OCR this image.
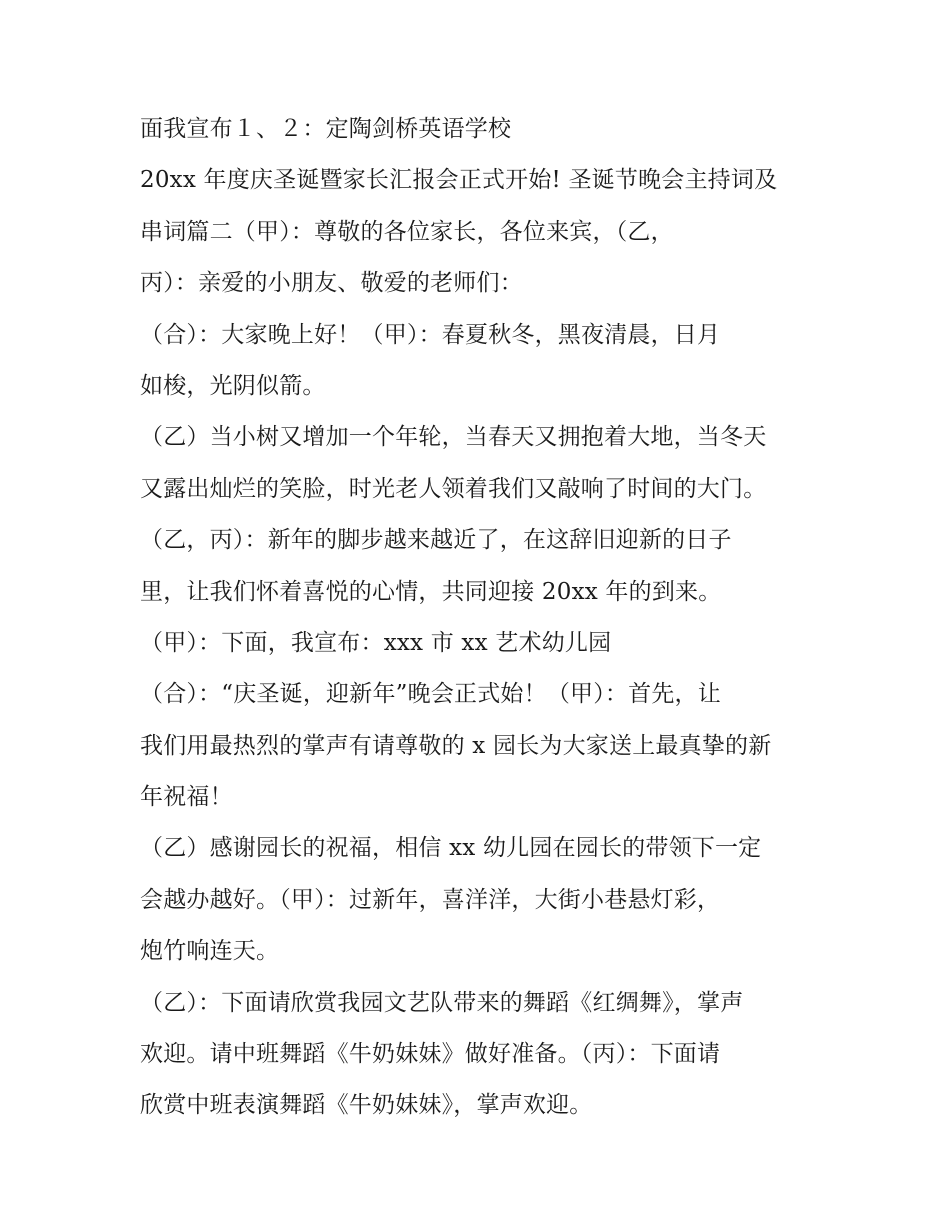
面我宣布１、２：定陶剑桥英语学校
20xx 年度庆圣诞暨家长汇报会正式开始! 圣诞节晚会主持词及
串词篇二（甲）：尊敬的各位家长，各位来宾，（乙，
丙）：亲爱的小朋友、敬爱的老师们：
（合）：大家晚上好！（甲）：春夏秋冬，黑夜清晨，日月
如梭，光阴似箭。
（乙）当小树又增加一个年轮，当春天又拥抱着大地，当冬天
又露出灿烂的笑脸，时光老人领着我们又敲响了时间的大门。
（乙，丙）：新年的脚步越来越近了，在这辞旧迎新的日子
里，让我们怀着喜悦的心情，共同迎接 20xx 年的到来。
（甲）：下面，我宣布：xxx 市 xx 艺术幼儿园
（合）：“庆圣诞，迎新年”晚会正式始！（甲）：首先，让
我们用最热烈的掌声有请尊敬的 x 园长为大家送上最真挚的新
年祝福！
（乙）感谢园长的祝福，相信 xx 幼儿园在园长的带领下一定
会越办越好。（甲）：过新年，喜洋洋，大街小巷悬灯彩，
炮竹响连天。
（乙）：下面请欣赏我园文艺队带来的舞蹈《红绸舞》，掌声
欢迎。请中班舞蹈《牛奶妹妹》做好准备。（丙）：下面请
欣赏中班表演舞蹈《牛奶妹妹》，掌声欢迎。
